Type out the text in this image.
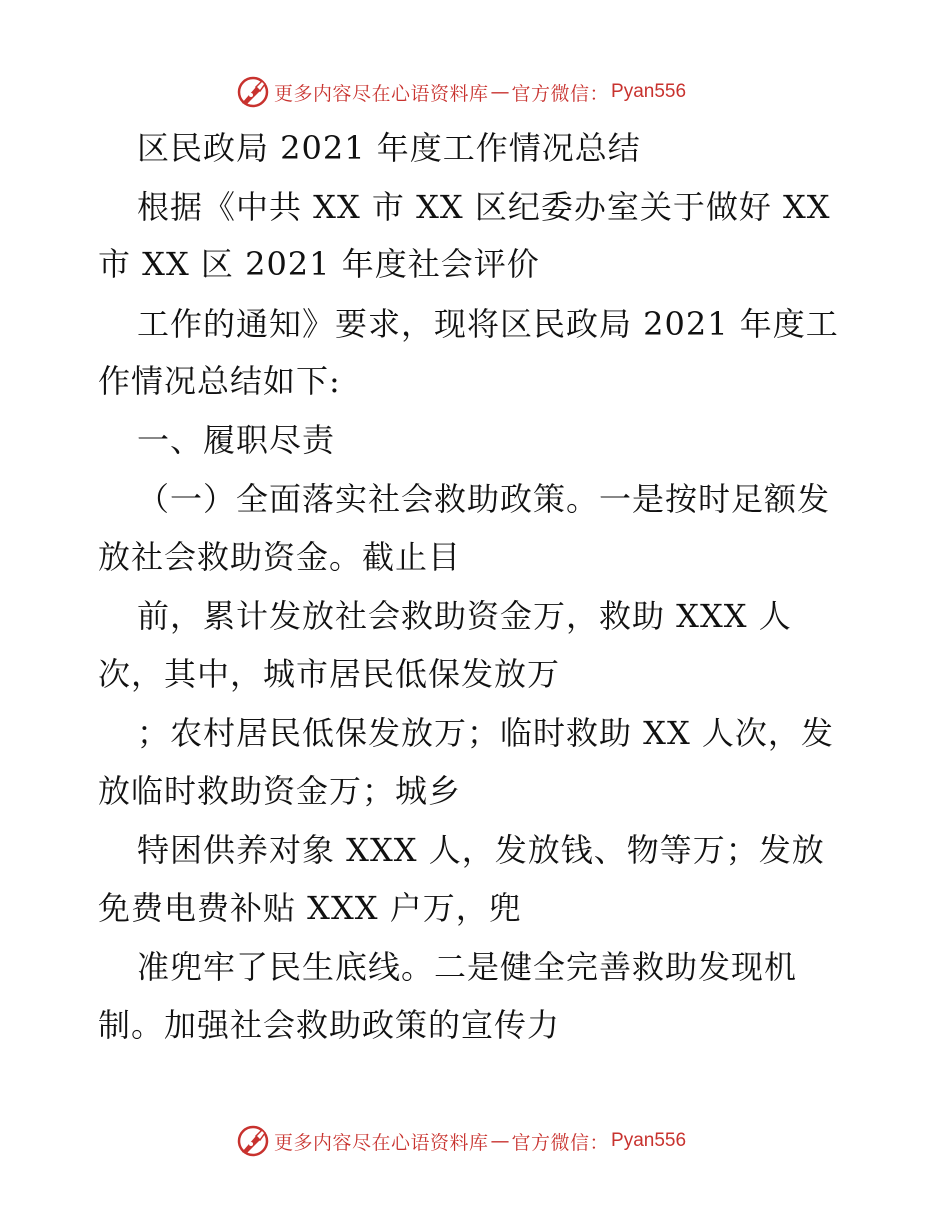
更多内容尽在心语资料库 — 官方微信： Pyan556
区民政局 2021 年度工作情况总结
根据《中共 XX 市 XX 区纪委办室关于做好 XX
市 XX 区 2021 年度社会评价
工作的通知》要求，现将区民政局 2021 年度工
作情况总结如下:
一、履职尽责
（一）全面落实社会救助政策。一是按时足额发
放社会救助资金。截止目
前，累计发放社会救助资金万，救助 XXX 人
次，其中，城市居民低保发放万
；农村居民低保发放万；临时救助 XX 人次，发
放临时救助资金万；城乡
特困供养对象 XXX 人，发放钱、物等万；发放
免费电费补贴 XXX 户万，兜
准兜牢了民生底线。二是健全完善救助发现机
制。加强社会救助政策的宣传力
更多内容尽在心语资料库 — 官方微信： Pyan556
